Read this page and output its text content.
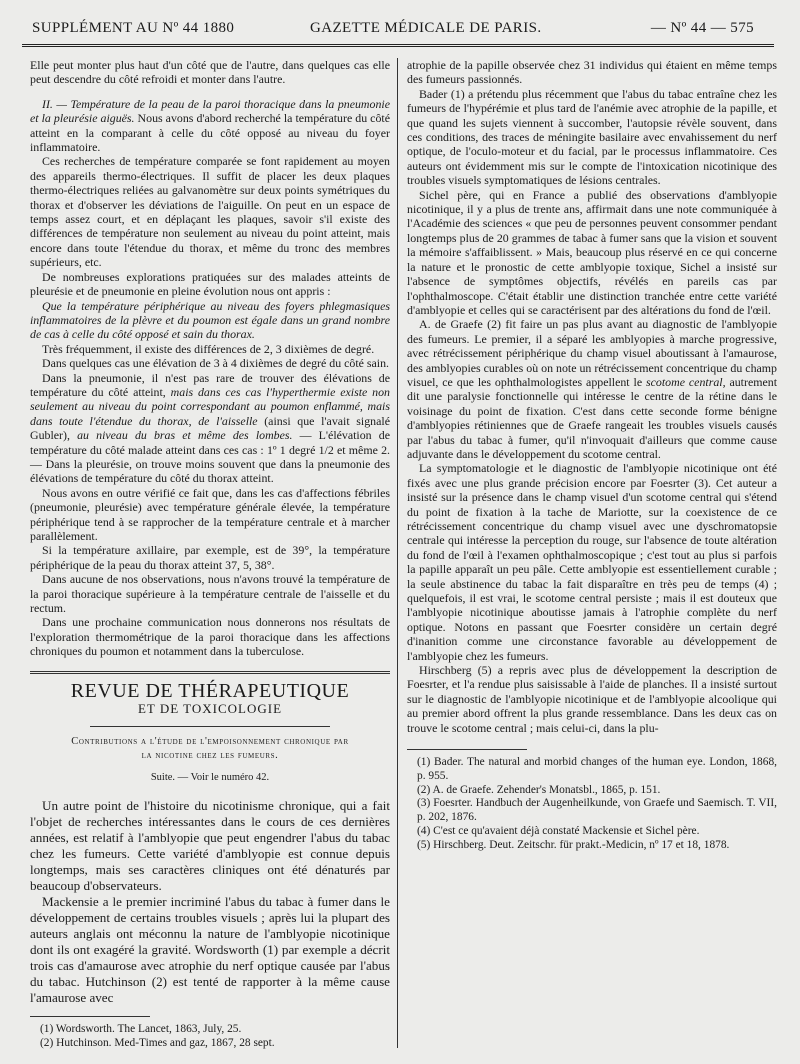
SUPPLÉMENT AU Nº 44 1880	GAZETTE MÉDICALE DE PARIS.	— Nº 44 — 575

Elle peut monter plus haut d'un côté que de l'autre, dans quelques cas elle peut descendre du côté refroidi et monter dans l'autre.

II. — Température de la peau de la paroi thoracique dans la pneumonie et la pleurésie aiguës. Nous avons d'abord recherché la température du côté atteint en la comparant à celle du côté opposé au niveau du foyer inflammatoire.

Ces recherches de température comparée se font rapidement au moyen des appareils thermo-électriques. Il suffit de placer les deux plaques thermo-électriques reliées au galvanomètre sur deux points symétriques du thorax et d'observer les déviations de l'aiguille. On peut en un espace de temps assez court, et en déplaçant les plaques, savoir s'il existe des différences de température non seulement au niveau du point atteint, mais encore dans toute l'étendue du thorax, et même du tronc des membres supérieurs, etc.

De nombreuses explorations pratiquées sur des malades atteints de pleurésie et de pneumonie en pleine évolution nous ont appris :

Que la température périphérique au niveau des foyers phlegmasiques inflammatoires de la plèvre et du poumon est égale dans un grand nombre de cas à celle du côté opposé et sain du thorax.

Très fréquemment, il existe des différences de 2, 3 dixièmes de degré.

Dans quelques cas une élévation de 3 à 4 dixièmes de degré du côté sain.

Dans la pneumonie, il n'est pas rare de trouver des élévations de température du côté atteint, mais dans ces cas l'hyperthermie existe non seulement au niveau du point correspondant au poumon enflammé, mais dans toute l'étendue du thorax, de l'aisselle (ainsi que l'avait signalé Gubler), au niveau du bras et même des lombes. — L'élévation de température du côté malade atteint dans ces cas : 1º 1 degré 1/2 et même 2. — Dans la pleurésie, on trouve moins souvent que dans la pneumonie des élévations de température du côté du thorax atteint.

Nous avons en outre vérifié ce fait que, dans les cas d'affections fébriles (pneumonie, pleurésie) avec température générale élevée, la température périphérique tend à se rapprocher de la température centrale et à marcher parallèlement.

Si la température axillaire, par exemple, est de 39°, la température périphérique de la peau du thorax atteint 37, 5, 38°.

Dans aucune de nos observations, nous n'avons trouvé la température de la paroi thoracique supérieure à la température centrale de l'aisselle et du rectum.

Dans une prochaine communication nous donnerons nos résultats de l'exploration thermométrique de la paroi thoracique dans les affections chroniques du poumon et notamment dans la tuberculose.

REVUE DE THÉRAPEUTIQUE
ET DE TOXICOLOGIE
Contributions a l'étude de l'empoisonnement chronique par
la nicotine chez les fumeurs.
Suite. — Voir le numéro 42.

Un autre point de l'histoire du nicotinisme chronique, qui a fait l'objet de recherches intéressantes dans le cours de ces dernières années, est relatif à l'amblyopie que peut engendrer l'abus du tabac chez les fumeurs. Cette variété d'amblyopie est connue depuis longtemps, mais ses caractères cliniques ont été dénaturés par beaucoup d'observateurs.

Mackensie a le premier incriminé l'abus du tabac à fumer dans le développement de certains troubles visuels ; après lui la plupart des auteurs anglais ont méconnu la nature de l'amblyopie nicotinique dont ils ont exagéré la gravité. Wordsworth (1) par exemple a décrit trois cas d'amaurose avec atrophie du nerf optique causée par l'abus du tabac. Hutchinson (2) est tenté de rapporter à la même cause l'amaurose avec

(1) Wordsworth. The Lancet, 1863, July, 25.
(2) Hutchinson. Med-Times and gaz, 1867, 28 sept.

atrophie de la papille observée chez 31 individus qui étaient en même temps des fumeurs passionnés.

Bader (1) a prétendu plus récemment que l'abus du tabac entraîne chez les fumeurs de l'hypérémie et plus tard de l'anémie avec atrophie de la papille, et que quand les sujets viennent à succomber, l'autopsie révèle souvent, dans ces conditions, des traces de méningite basilaire avec envahissement du nerf optique, de l'oculo-moteur et du facial, par le processus inflammatoire. Ces auteurs ont évidemment mis sur le compte de l'intoxication nicotinique des troubles visuels symptomatiques de lésions centrales.

Sichel père, qui en France a publié des observations d'amblyopie nicotinique, il y a plus de trente ans, affirmait dans une note communiquée à l'Académie des sciences « que peu de personnes peuvent consommer pendant longtemps plus de 20 grammes de tabac à fumer sans que la vision et souvent la mémoire s'affaiblissent. » Mais, beaucoup plus réservé en ce qui concerne la nature et le pronostic de cette amblyopie toxique, Sichel a insisté sur l'absence de symptômes objectifs, révélés en pareils cas par l'ophthalmoscope. C'était établir une distinction tranchée entre cette variété d'amblyopie et celles qui se caractérisent par des altérations du fond de l'œil.

A. de Graefe (2) fit faire un pas plus avant au diagnostic de l'amblyopie des fumeurs. Le premier, il a séparé les amblyopies à marche progressive, avec rétrécissement périphérique du champ visuel aboutissant à l'amaurose, des amblyopies curables où on note un rétrécissement concentrique du champ visuel, ce que les ophthalmologistes appellent le scotome central, autrement dit une paralysie fonctionnelle qui intéresse le centre de la rétine dans le voisinage du point de fixation. C'est dans cette seconde forme bénigne d'amblyopies rétiniennes que de Graefe rangeait les troubles visuels causés par l'abus du tabac à fumer, qu'il n'invoquait d'ailleurs que comme cause adjuvante dans le développement du scotome central.

La symptomatologie et le diagnostic de l'amblyopie nicotinique ont été fixés avec une plus grande précision encore par Foesrter (3). Cet auteur a insisté sur la présence dans le champ visuel d'un scotome central qui s'étend du point de fixation à la tache de Mariotte, sur la coexistence de ce rétrécissement concentrique du champ visuel avec une dyschromatopsie centrale qui intéresse la perception du rouge, sur l'absence de toute altération du fond de l'œil à l'examen ophthalmoscopique ; c'est tout au plus si parfois la papille apparaît un peu pâle. Cette amblyopie est essentiellement curable ; la seule abstinence du tabac la fait disparaître en très peu de temps (4) ; quelquefois, il est vrai, le scotome central persiste ; mais il est douteux que l'amblyopie nicotinique aboutisse jamais à l'atrophie complète du nerf optique. Notons en passant que Foesrter considère un certain degré d'inanition comme une circonstance favorable au développement de l'amblyopie chez les fumeurs.

Hirschberg (5) a repris avec plus de développement la description de Foesrter, et l'a rendue plus saisissable à l'aide de planches. Il a insisté surtout sur le diagnostic de l'amblyopie nicotinique et de l'amblyopie alcoolique qui au premier abord offrent la plus grande ressemblance. Dans les deux cas on trouve le scotome central ; mais celui-ci, dans la plu-

(1) Bader. The natural and morbid changes of the human eye. London, 1868, p. 955.
(2) A. de Graefe. Zehender's Monatsbl., 1865, p. 151.
(3) Foesrter. Handbuch der Augenheilkunde, von Graefe und Saemisch. T. VII, p. 202, 1876.
(4) C'est ce qu'avaient déjà constaté Mackensie et Sichel père.
(5) Hirschberg. Deut. Zeitschr. für prakt.-Medicin, nº 17 et 18, 1878.
